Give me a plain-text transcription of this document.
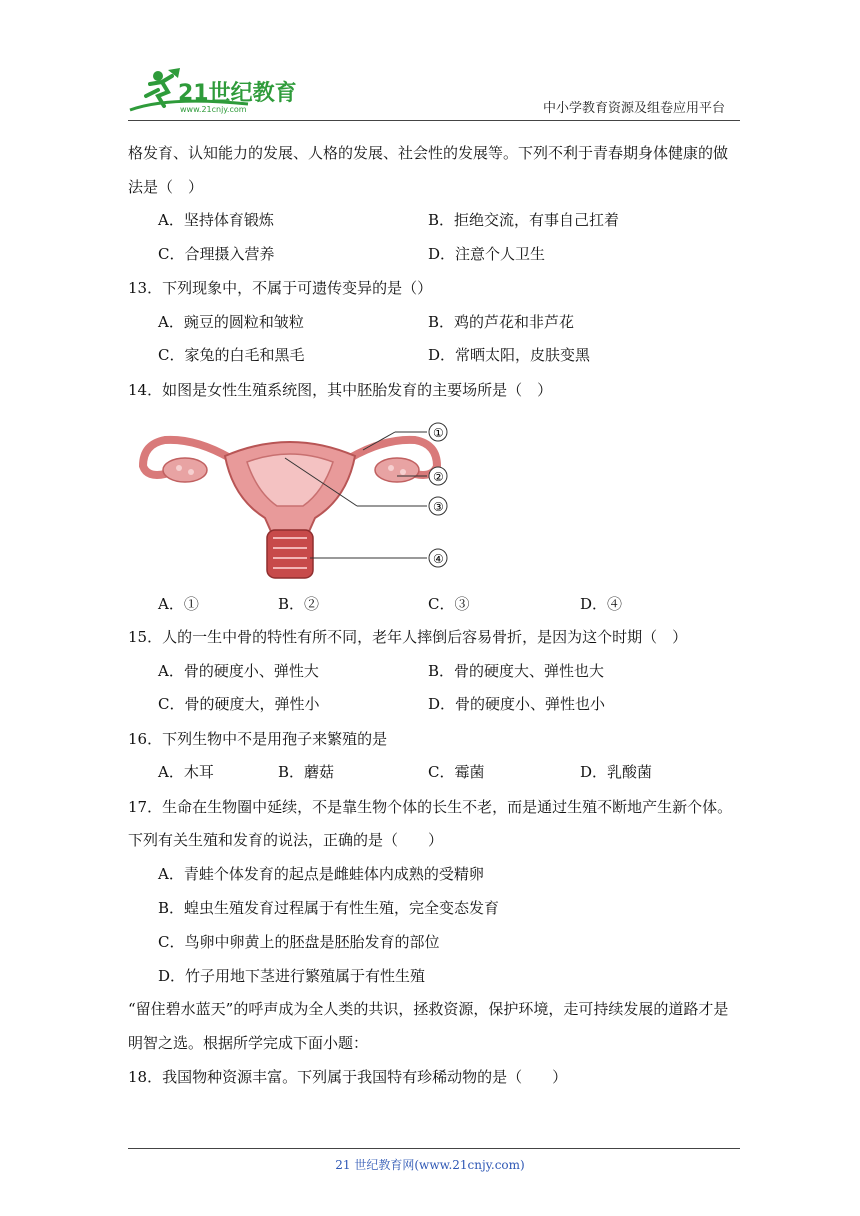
21世纪教育
www.21cnjy.com	中小学教育资源及组卷应用平台
格发育、认知能力的发展、人格的发展、社会性的发展等。下列不利于青春期身体健康的做
法是（　）
A．坚持体育锻炼	B．拒绝交流，有事自己扛着
C．合理摄入营养	D．注意个人卫生
13．下列现象中，不属于可遗传变异的是（）
A．豌豆的圆粒和皱粒	B．鸡的芦花和非芦花
C．家兔的白毛和黑毛	D．常晒太阳，皮肤变黑
14．如图是女性生殖系统图，其中胚胎发育的主要场所是（　）
①
②
③
④
A．①	B．②	C．③	D．④
15．人的一生中骨的特性有所不同，老年人摔倒后容易骨折，是因为这个时期（　）
A．骨的硬度小、弹性大	B．骨的硬度大、弹性也大
C．骨的硬度大，弹性小	D．骨的硬度小、弹性也小
16．下列生物中不是用孢子来繁殖的是
A．木耳	B．蘑菇	C．霉菌	D．乳酸菌
17．生命在生物圈中延续，不是靠生物个体的长生不老，而是通过生殖不断地产生新个体。
下列有关生殖和发育的说法，正确的是（　　）
A．青蛙个体发育的起点是雌蛙体内成熟的受精卵
B．蝗虫生殖发育过程属于有性生殖，完全变态发育
C．鸟卵中卵黄上的胚盘是胚胎发育的部位
D．竹子用地下茎进行繁殖属于有性生殖
“留住碧水蓝天”的呼声成为全人类的共识，拯救资源，保护环境，走可持续发展的道路才是
明智之选。根据所学完成下面小题：
18．我国物种资源丰富。下列属于我国特有珍稀动物的是（　　）
21 世纪教育网(www.21cnjy.com)
